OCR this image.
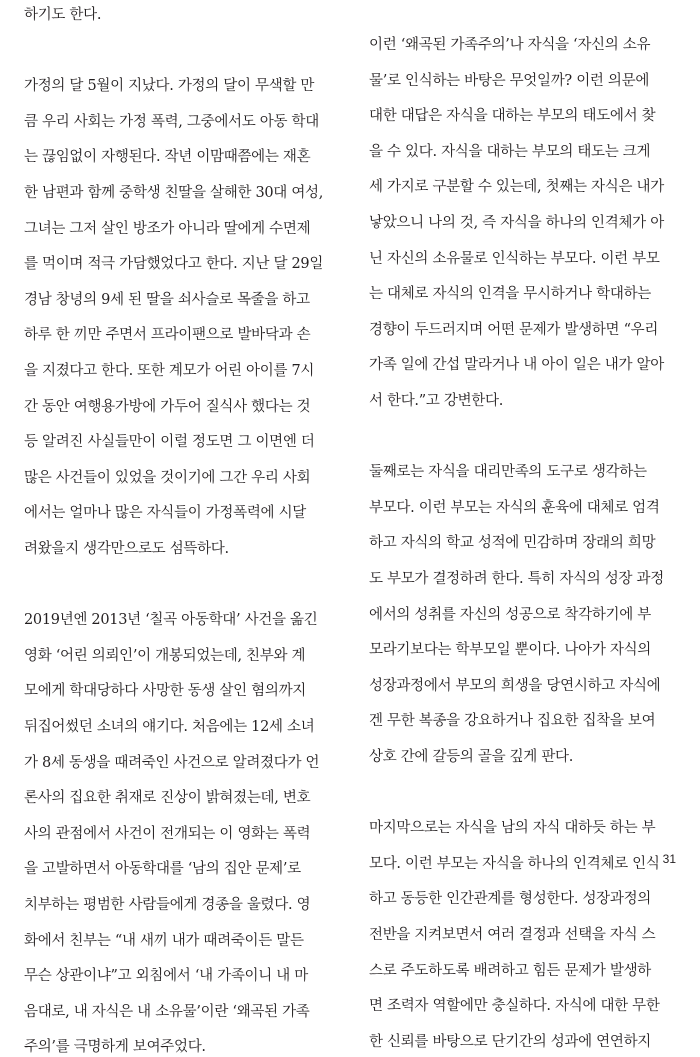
하기도 한다.
가정의 달 5월이 지났다. 가정의 달이 무색할 만
큼 우리 사회는 가정 폭력, 그중에서도 아동 학대
는 끊임없이 자행된다. 작년 이맘때쯤에는 재혼
한 남편과 함께 중학생 친딸을 살해한 30대 여성,
그녀는 그저 살인 방조가 아니라 딸에게 수면제
를 먹이며 적극 가담했었다고 한다. 지난 달 29일
경남 창녕의 9세 된 딸을 쇠사슬로 목줄을 하고
하루 한 끼만 주면서 프라이팬으로 발바닥과 손
을 지졌다고 한다. 또한 계모가 어린 아이를 7시
간 동안 여행용가방에 가두어 질식사 했다는 것
등 알려진 사실들만이 이럴 정도면 그 이면엔 더
많은 사건들이 있었을 것이기에 그간 우리 사회
에서는 얼마나 많은 자식들이 가정폭력에 시달
려왔을지 생각만으로도 섬뜩하다.
2019년엔 2013년 ‘칠곡 아동학대’ 사건을 옮긴
영화 ‘어린 의뢰인’이 개봉되었는데, 친부와 계
모에게 학대당하다 사망한 동생 살인 혐의까지
뒤집어썼던 소녀의 얘기다. 처음에는 12세 소녀
가 8세 동생을 때려죽인 사건으로 알려졌다가 언
론사의 집요한 취재로 진상이 밝혀졌는데, 변호
사의 관점에서 사건이 전개되는 이 영화는 폭력
을 고발하면서 아동학대를 ‘남의 집안 문제’로
치부하는 평범한 사람들에게 경종을 울렸다. 영
화에서 친부는 “내 새끼 내가 때려죽이든 말든
무슨 상관이냐”고 외침에서 ‘내 가족이니 내 마
음대로, 내 자식은 내 소유물’이란 ‘왜곡된 가족
주의’를 극명하게 보여주었다.
이런 ‘왜곡된 가족주의’나 자식을 ‘자신의 소유
물’로 인식하는 바탕은 무엇일까? 이런 의문에
대한 대답은 자식을 대하는 부모의 태도에서 찾
을 수 있다. 자식을 대하는 부모의 태도는 크게
세 가지로 구분할 수 있는데, 첫째는 자식은 내가
낳았으니 나의 것, 즉 자식을 하나의 인격체가 아
닌 자신의 소유물로 인식하는 부모다. 이런 부모
는 대체로 자식의 인격을 무시하거나 학대하는
경향이 두드러지며 어떤 문제가 발생하면 “우리
가족 일에 간섭 말라거나 내 아이 일은 내가 알아
서 한다.”고 강변한다.
둘째로는 자식을 대리만족의 도구로 생각하는
부모다. 이런 부모는 자식의 훈육에 대체로 엄격
하고 자식의 학교 성적에 민감하며 장래의 희망
도 부모가 결정하려 한다. 특히 자식의 성장 과정
에서의 성취를 자신의 성공으로 착각하기에 부
모라기보다는 학부모일 뿐이다. 나아가 자식의
성장과정에서 부모의 희생을 당연시하고 자식에
겐 무한 복종을 강요하거나 집요한 집착을 보여
상호 간에 갈등의 골을 깊게 판다.
마지막으로는 자식을 남의 자식 대하듯 하는 부
모다. 이런 부모는 자식을 하나의 인격체로 인식
하고 동등한 인간관계를 형성한다. 성장과정의
전반을 지켜보면서 여러 결정과 선택을 자식 스
스로 주도하도록 배려하고 힘든 문제가 발생하
면 조력자 역할에만 충실하다. 자식에 대한 무한
한 신뢰를 바탕으로 단기간의 성과에 연연하지
31
